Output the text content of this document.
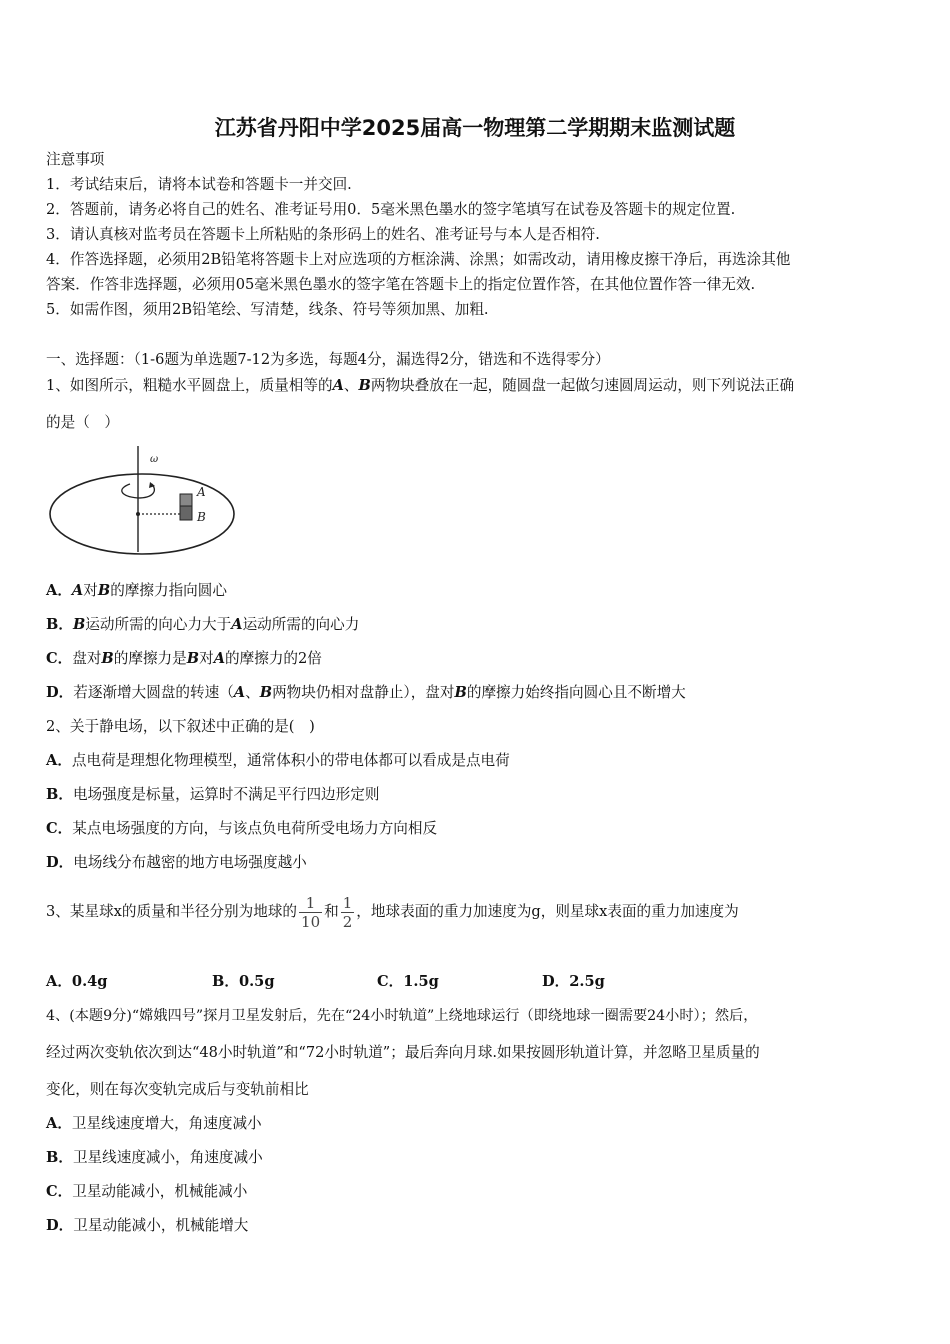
江苏省丹阳中学2025届高一物理第二学期期末监测试题
注意事项
1．考试结束后，请将本试卷和答题卡一并交回.
2．答题前，请务必将自己的姓名、准考证号用0．5毫米黑色墨水的签字笔填写在试卷及答题卡的规定位置.
3．请认真核对监考员在答题卡上所粘贴的条形码上的姓名、准考证号与本人是否相符.
4．作答选择题，必须用2B铅笔将答题卡上对应选项的方框涂满、涂黑；如需改动，请用橡皮擦干净后，再选涂其他
答案．作答非选择题，必须用05毫米黑色墨水的签字笔在答题卡上的指定位置作答，在其他位置作答一律无效.
5．如需作图，须用2B铅笔绘、写清楚，线条、符号等须加黑、加粗.
一、选择题：（1-6题为单选题7-12为多选，每题4分，漏选得2分，错选和不选得零分）
1、如图所示，粗糙水平圆盘上，质量相等的A、B两物块叠放在一起，随圆盘一起做匀速圆周运动，则下列说法正确
的是（　）
ω
A
B
A．A对B的摩擦力指向圆心
B．B运动所需的向心力大于A运动所需的向心力
C．盘对B的摩擦力是B对A的摩擦力的2倍
D．若逐渐增大圆盘的转速（A、B两物块仍相对盘静止），盘对B的摩擦力始终指向圆心且不断增大
2、关于静电场，以下叙述中正确的是(　)
A．点电荷是理想化物理模型，通常体积小的带电体都可以看成是点电荷
B．电场强度是标量，运算时不满足平行四边形定则
C．某点电场强度的方向，与该点负电荷所受电场力方向相反
D．电场线分布越密的地方电场强度越小
3、某星球x的质量和半径分别为地球的 $\frac{1}{10}$ 和 $\frac{1}{2}$ ，地球表面的重力加速度为g，则星球x表面的重力加速度为
A．0.4g	B．0.5g	C．1.5g	D．2.5g
4、(本题9分)“嫦娥四号”探月卫星发射后，先在“24小时轨道”上绕地球运行（即绕地球一圈需要24小时）；然后，
经过两次变轨依次到达“48小时轨道”和“72小时轨道”；最后奔向月球.如果按圆形轨道计算，并忽略卫星质量的
变化，则在每次变轨完成后与变轨前相比
A．卫星线速度增大，角速度减小
B．卫星线速度减小，角速度减小
C．卫星动能减小，机械能减小
D．卫星动能减小，机械能增大
